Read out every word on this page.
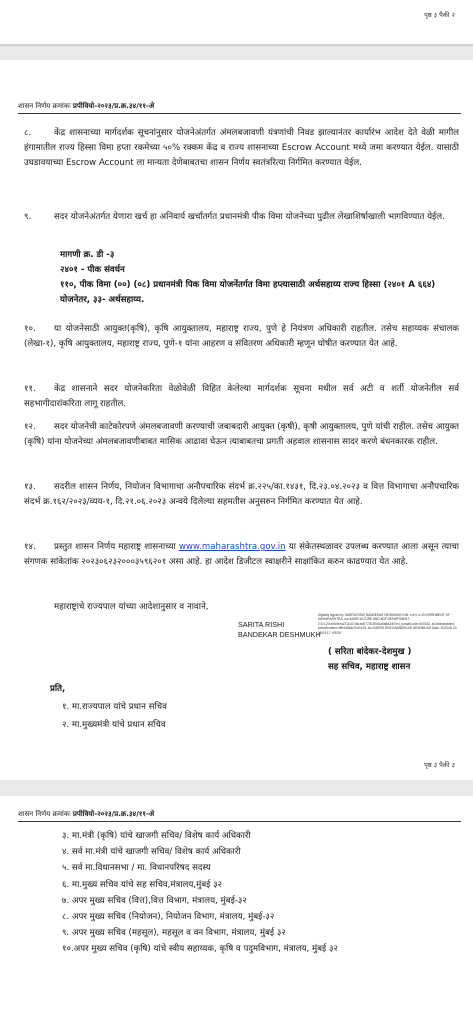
पृष्ठ ३ पैकी २
शासन निर्णय क्रमांकः प्रपीवियो-२०२३/प्र.क्र.३४/११-अे
८.	केंद्र शासनाच्या मार्गदर्शक सूचनांनुसार योजनेअंतर्गत अंमलबजावणी यंत्रणांची निवड झाल्यानंतर कार्यारंभ आदेश देते वेळी मागील हंगामातील राज्य हिस्सा विमा हप्ता रकमेच्या ५०% रक्कम केंद्र व राज्य शासनाच्या Escrow Account मध्ये जमा करण्यात येईल. यासाठी उघडावयाच्या Escrow Account ला मान्यता देणेबाबतचा शासन निर्णय स्वतंत्ररित्या निर्गमित करण्यात येईल.
९.	सदर योजनेअंतर्गत येणारा खर्च हा अनिवार्य खर्चांतर्गत प्रधानमंत्री पीक विमा योजनेच्या पुढील लेखाशिर्षाखाली भागविण्यात येईल.
मागणी क्र. डी -३
२४०१ - पीक संवर्धन
११०, पीक विमा (००) (०८) प्रधानमंत्री पिक विमा योजनेंतर्गत विमा हप्त्यासाठी अर्थसहाय्य राज्य हिस्सा (२४०१ A ६६४) योजनेतर, ३३- अर्थसहाय्य.
१०. या योजनेसाठी आयुक्त(कृषि), कृषि आयुक्तालय, महाराष्ट्र राज्य, पुणे हे नियंत्रण अधिकारी राहतील. तसेच सहाय्यक संचालक (लेखा-१), कृषि आयुक्तालय, महाराष्ट्र राज्य, पुणे-१ यांना आहरण व संवितरण अधिकारी म्हणून घोषीत करण्यात येत आहे.
११. केंद्र शासनाने सदर योजनेकरिता वेळोवेळी विहित केलेल्या मार्गदर्शक सूचना मधील सर्व अटी व शर्ती योजनेतील सर्व सहभागीदारांकरिता लागू राहतील.
१२. सदर योजनेची काटेकोरपणे अंमलबजावणी करण्याची जबाबदारी आयुक्त (कृषी), कृषी आयुक्तालय, पुणे यांची राहील. तसेच आयुक्त (कृषि) यांना योजनेच्या अंमलबजावणीबाबत मासिक आढावा घेऊन त्याबाबतचा प्रगती अहवाल शासनास सादर करणे बंधनकारक राहील.
१३. सदरील शासन निर्णय, नियोजन विभागाचा अनौपचारिक संदर्भ क्र.२२५/का.१४३१, दि.२३.०४.२०२३ व वित्त विभागाचा अनौपचारिक संदर्भ क्र.१६२/२०२३/व्यय-१, दि.२१.०६.२०२३ अन्वये दिलेल्या सहमतीस अनुसरुन निर्गमित करण्यात येत आहे.
१४. प्रस्तुत शासन निर्णय महाराष्ट्र शासनाच्या www.maharashtra.gov.in या संकेतस्थळावर उपलब्ध करण्यात आला असून त्याचा संगणक सांकेतांक २०२३०६२३२०००३५९६२०१ असा आहे. हा आदेश डिजीटल स्वाक्षरीने साक्षांकित करुन काढण्यात येत आहे.
महाराष्ट्राचे राज्यपाल यांच्या आदेशानुसार व नावाने,
SARITA RISHI
BANDEKAR DESHMUKH
Digitally signed by SARITA RISHI BANDEKAR DESHMUKH DN: c=IN, o=GOVERNMENT OF MAHARASHTRA, ou=AGRICULTURE AND ADF DEPARTMENT, 2.5.4.20=b6c9efa2711c07d4cbd0777b2f0d1a0a8d34b7e4, postalCode=400032, st=Maharashtra, serialNumber=9fb4d9a6c7b31e7d, cn=SARITA RISHI BANDEKAR DESHMUKH Date: 2023.06.23 18:03:17 +05'30'
( सरिता बांदेकर-देशमुख )
सह सचिव, महाराष्ट्र शासन
प्रति,
१. मा.राज्यपाल यांचे प्रधान सचिव
२. मा.मुख्यमंत्री यांचे प्रधान सचिव
पृष्ठ ३ पैकी ३
शासन निर्णय क्रमांकः प्रपीवियो-२०२३/प्र.क्र.३४/११-अे
३. मा.मंत्री (कृषि) यांचे खाजगी सचिव/ विशेष कार्य अधिकारी
४. सर्व मा.मंत्री यांचे खाजगी सचिव/ विशेष कार्य अधिकारी
५. सर्व मा.विधानसभा / मा. विधानपरिषद सदस्य
६. मा.मुख्य सचिव यांचे सह सचिव,मंत्रालय,मुंबई ३२
७. अपर मुख्य सचिव (वित्त),वित्त विभाग, मंत्रालय, मुंबई-३२
८. अपर मुख्य सचिव (नियोजन), नियोजन विभाग, मंत्रालय, मुंबई-३२
९. अपर मुख्य सचिव (महसूल), महसूल व वन विभाग, मंत्रालय, मुंबई ३२
१०.अपर मुख्य सचिव (कृषि) यांचे स्वीय सहाय्यक, कृषि व पदुमविभाग, मंत्रालय, मुंबई ३२
